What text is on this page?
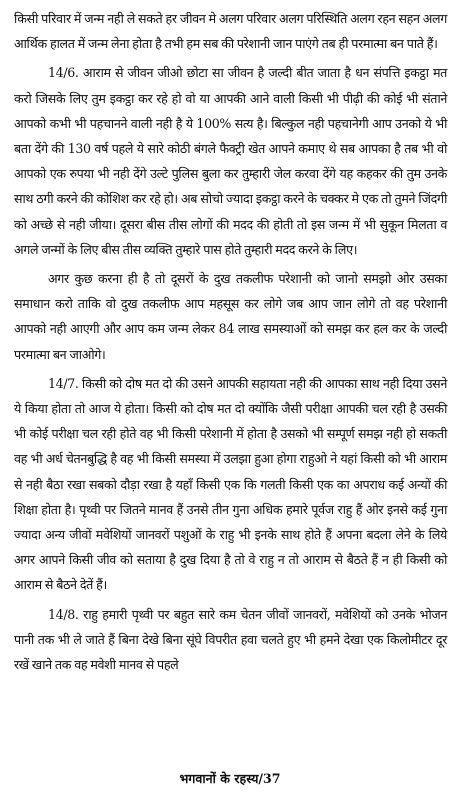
किसी परिवार में जन्म नही ले सकते हर जीवन मे अलग परिवार अलग परिस्थिति अलग रहन सहन अलग आर्थिक हालत में जन्म लेना होता है तभी हम सब की परेशानी जान पाएंगे तब ही परमात्मा बन पाते हैं।

14/6. आराम से जीवन जीओ छोटा सा जीवन है जल्दी बीत जाता है धन संपत्ति इकट्ठा मत करो जिसके लिए तुम इकट्ठा कर रहे हो वो या आपकी आने वाली किसी भी पीढ़ी की कोई भी संताने आपको कभी भी पहचानने वाली नही है ये 100% सत्य है। बिल्कुल नही पहचानेगी आप उनको ये भी बता देंगे की 130 वर्ष पहले ये सारे कोठी बंगले फैक्ट्री खेत आपने कमाए थे सब आपका है तब भी वो आपको एक रुपया भी नही देंगे उल्टे पुलिस बुला कर तुम्हारी जेल करवा देंगे यह कहकर की तुम उनके साथ ठगी करने की कोशिश कर रहे हो। अब सोचो ज्यादा इकट्ठा करने के चक्कर मे एक तो तुमने जिंदगी को अच्छे से नही जीया। दूसरा बीस तीस लोगों की मदद की होती तो इस जन्म में भी सुकून मिलता व अगले जन्मों के लिए बीस तीस व्यक्ति तुम्हारे पास होते तुम्हारी मदद करने के लिए।

अगर कुछ करना ही है तो दूसरों के दुख तकलीफ परेशानी को जानो समझो ओर उसका समाधान करो ताकि वो दुख तकलीफ आप महसूस कर लोगे जब आप जान लोगे तो वह परेशानी आपको नही आएगी और आप कम जन्म लेकर 84 लाख समस्याओं को समझ कर हल कर के जल्दी परमात्मा बन जाओगे।

14/7. किसी को दोष मत दो की उसने आपकी सहायता नही की आपका साथ नही दिया उसने ये किया होता तो आज ये होता। किसी को दोष मत दो क्योंकि जैसी परीक्षा आपकी चल रही है उसकी भी कोई परीक्षा चल रही होते वह भी किसी परेशानी में होता है उसको भी सम्पूर्ण समझ नही हो सकती वह भी अर्ध चेतनबुद्धि है वह भी किसी समस्या में उलझा हुआ होगा राहुओ ने यहां किसी को भी आराम से नही बैठा रखा सबको दौड़ा रखा है यहाँ किसी एक कि गलती किसी एक का अपराध कई अन्यों की शिक्षा होता है। पृथ्वी पर जितने मानव हैं उनसे तीन गुना अधिक हमारे पूर्वज राहु हैं ओर इनसे कई गुना ज्यादा अन्य जीवों मवेशियों जानवरों पशुओं के राहु भी इनके साथ होते हैं अपना बदला लेने के लिये अगर आपने किसी जीव को सताया है दुख दिया है तो वे राहु न तो आराम से बैठते हैं न ही किसी को आराम से बैठने देतें हैं।

14/8. राहु हमारी पृथ्वी पर बहुत सारे कम चेतन जीवों जानवरों, मवेशियों को उनके भोजन पानी तक भी ले जाते हैं बिना देखे बिना सूंघे विपरीत हवा चलते हुए भी हमने देखा एक किलोमीटर दूर रखें खाने तक वह मवेशी मानव से पहले

भगवानों के रहस्य/37
